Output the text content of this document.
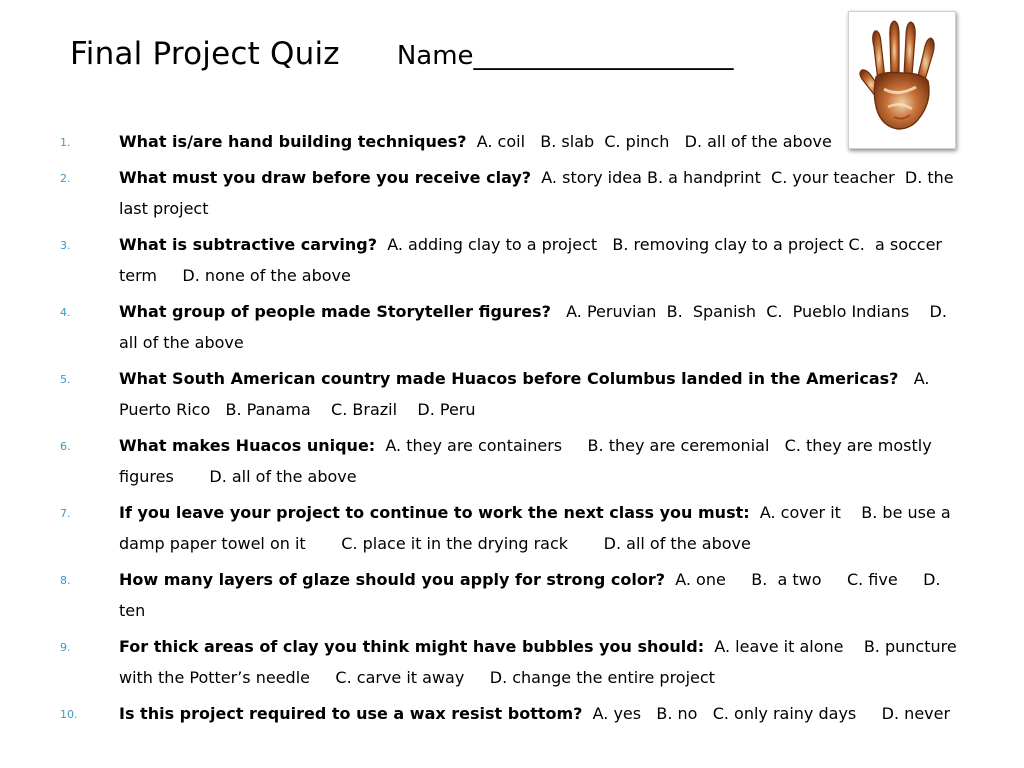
Final Project Quiz Name____________________
1.	What is/are hand building techniques?  A. coil   B. slab  C. pinch   D. all of the above
2.	What must you draw before you receive clay?  A. story idea B. a handprint  C. your teacher  D. the last project
3.	What is subtractive carving?  A. adding clay to a project   B. removing clay to a project C.  a soccer term     D. none of the above
4.	What group of people made Storyteller figures?   A. Peruvian  B.  Spanish  C.  Pueblo Indians    D. all of the above
5.	What South American country made Huacos before Columbus landed in the Americas?   A. Puerto Rico   B. Panama    C. Brazil    D. Peru
6.	What makes Huacos unique:  A. they are containers     B. they are ceremonial   C. they are mostly figures       D. all of the above
7.	If you leave your project to continue to work the next class you must:  A. cover it    B. be use a damp paper towel on it       C. place it in the drying rack       D. all of the above
8.	How many layers of glaze should you apply for strong color?  A. one     B.  a two     C. five     D. ten
9.	For thick areas of clay you think might have bubbles you should:  A. leave it alone    B. puncture with the Potter’s needle     C. carve it away     D. change the entire project
10.	Is this project required to use a wax resist bottom?  A. yes   B. no   C. only rainy days     D. never
